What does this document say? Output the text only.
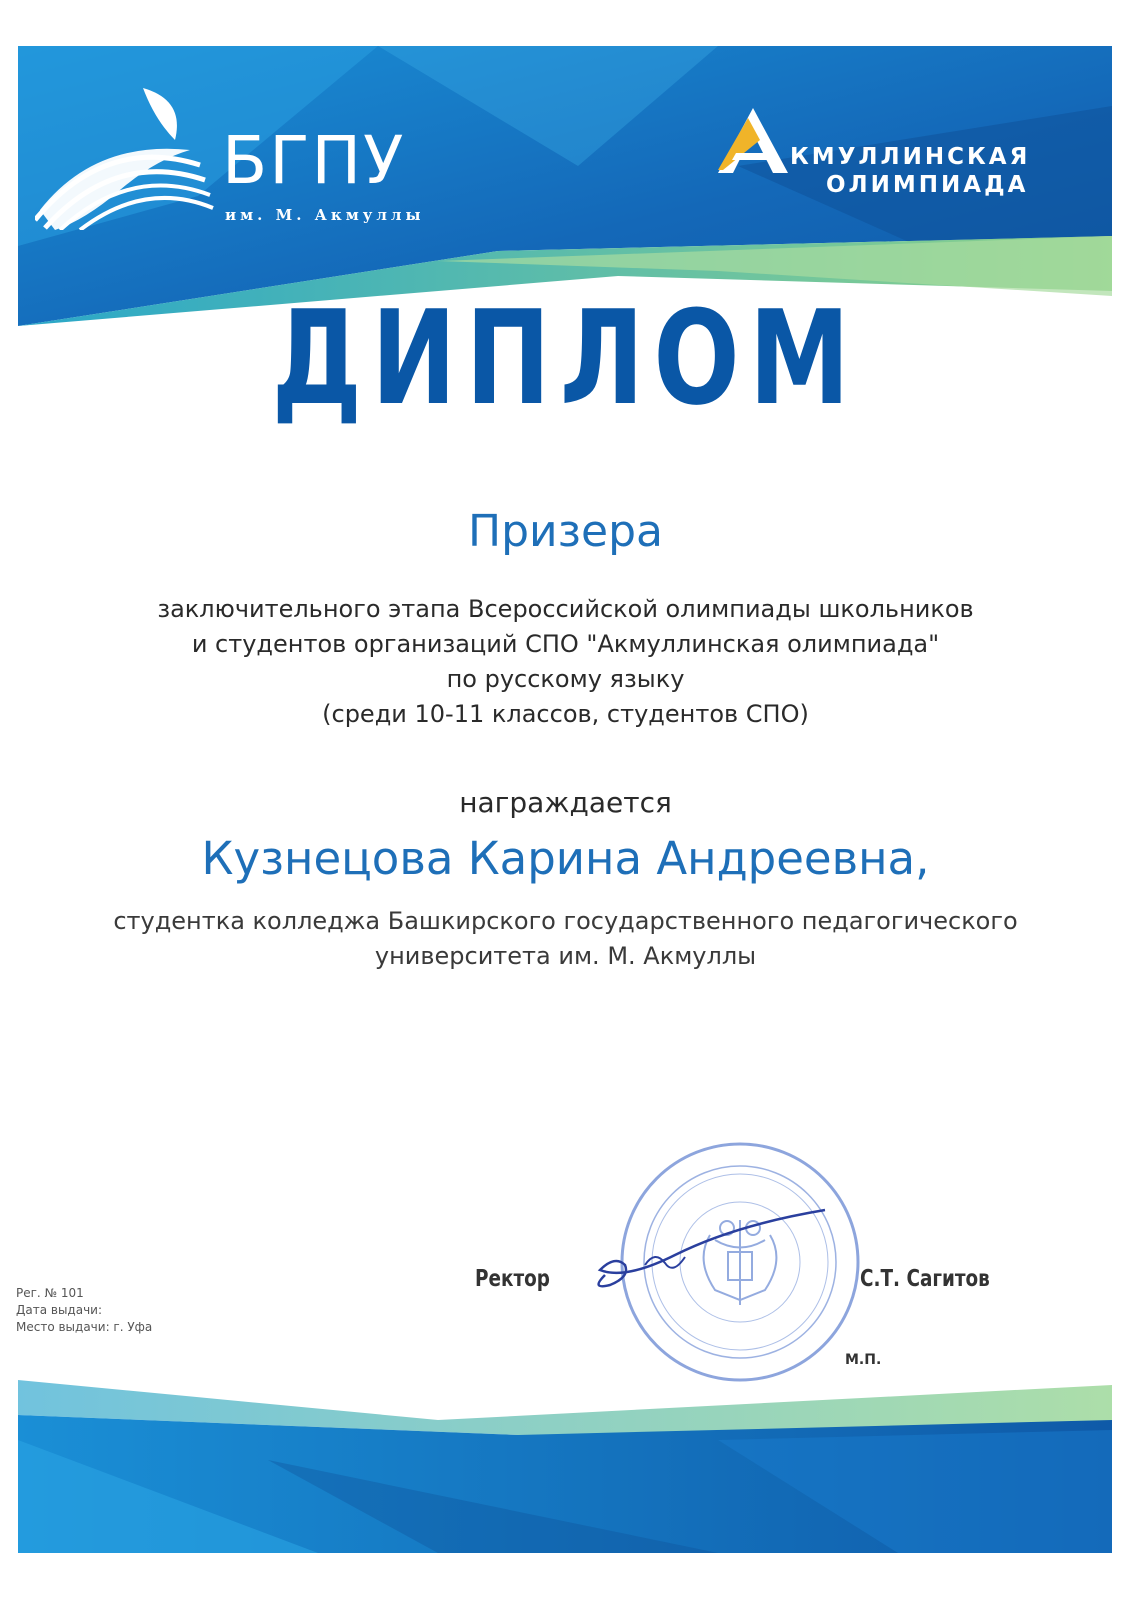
БГПУ
им. М. Акмуллы
КМУЛЛИНСКАЯ
ОЛИМПИАДА
ДИПЛОМ
Призера
заключительного этапа Всероссийской олимпиады школьников
и студентов организаций СПО "Акмуллинская олимпиада"
по русскому языку
(среди 10-11 классов, студентов СПО)
награждается
Кузнецова Карина Андреевна,
студентка колледжа Башкирского государственного педагогического
университета им. М. Акмуллы
Ректор	С.Т. Сагитов
М.П.
Рег. № 101
Дата выдачи:
Место выдачи: г. Уфа
